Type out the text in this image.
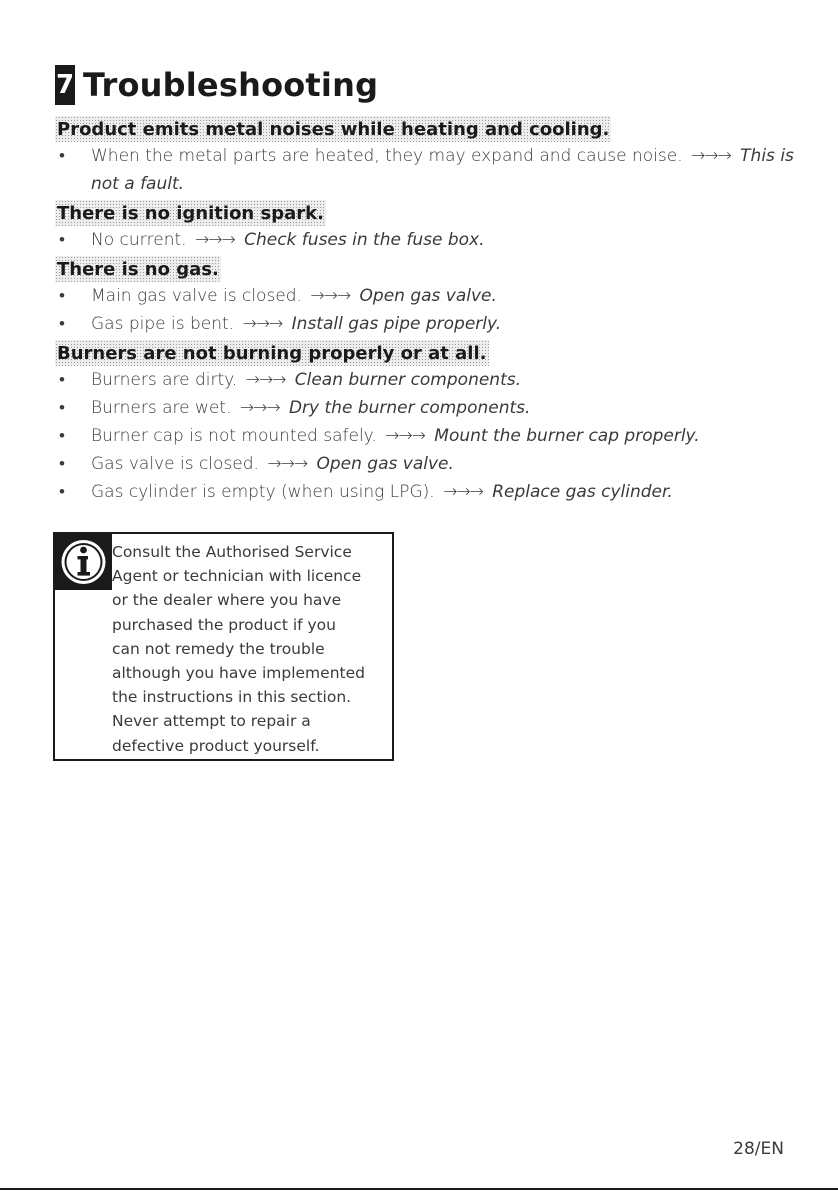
7 Troubleshooting
Product emits metal noises while heating and cooling.
• When the metal parts are heated, they may expand and cause noise. →→→ This is not a fault.
There is no ignition spark.
• No current. →→→ Check fuses in the fuse box.
There is no gas.
• Main gas valve is closed. →→→ Open gas valve.
• Gas pipe is bent. →→→ Install gas pipe properly.
Burners are not burning properly or at all.
• Burners are dirty. →→→ Clean burner components.
• Burners are wet. →→→ Dry the burner components.
• Burner cap is not mounted safely. →→→ Mount the burner cap properly.
• Gas valve is closed. →→→ Open gas valve.
• Gas cylinder is empty (when using LPG). →→→ Replace gas cylinder.
Consult the Authorised Service
Agent or technician with licence
or the dealer where you have
purchased the product if you
can not remedy the trouble
although you have implemented
the instructions in this section.
Never attempt to repair a
defective product yourself.
28/EN
